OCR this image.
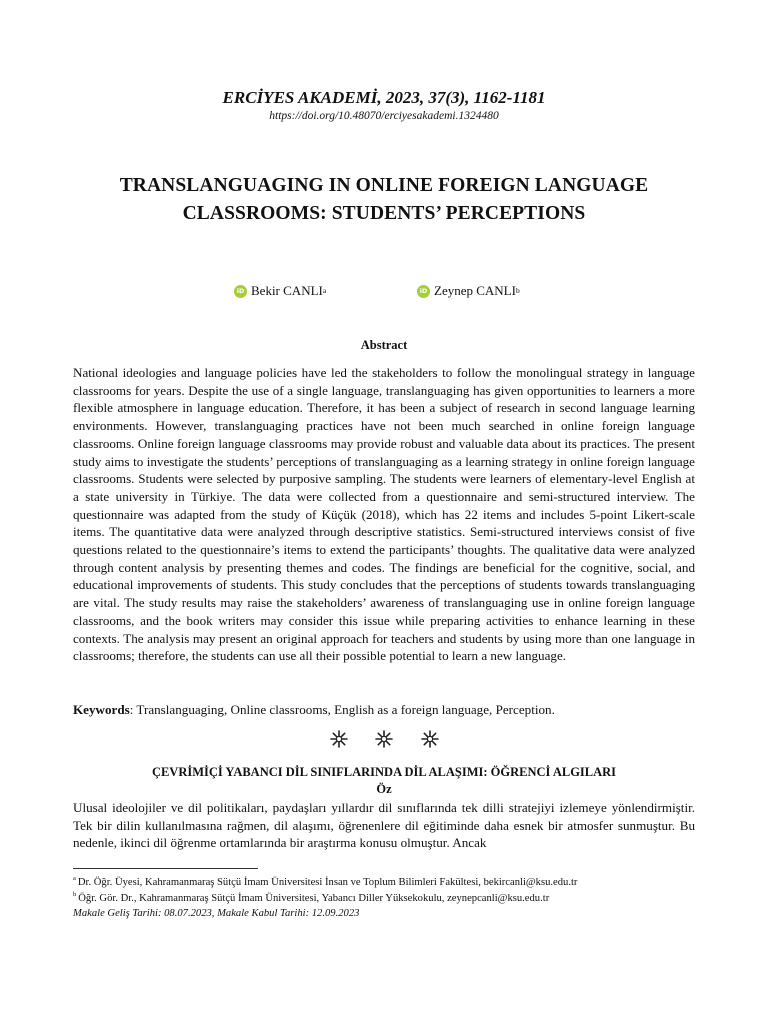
ERCİYES AKADEMİ, 2023, 37(3), 1162-1181
https://doi.org/10.48070/erciyesakademi.1324480
TRANSLANGUAGING IN ONLINE FOREIGN LANGUAGE
CLASSROOMS: STUDENTS’ PERCEPTIONS
iD Bekir CANLI a	iD Zeynep CANLI b
Abstract

National ideologies and language policies have led the stakeholders to follow the monolingual strategy in language classrooms for years. Despite the use of a single language, translanguaging has given opportunities to learners a more flexible atmosphere in language education. Therefore, it has been a subject of research in second language learning environments. However, translanguaging practices have not been much searched in online foreign language classrooms. Online foreign language classrooms may provide robust and valuable data about its practices. The present study aims to investigate the students’ perceptions of translanguaging as a learning strategy in online foreign language classrooms. Students were selected by purposive sampling. The students were learners of elementary-level English at a state university in Türkiye. The data were collected from a questionnaire and semi-structured interview. The questionnaire was adapted from the study of Küçük (2018), which has 22 items and includes 5-point Likert-scale items. The quantitative data were analyzed through descriptive statistics. Semi-structured interviews consist of five questions related to the questionnaire’s items to extend the participants’ thoughts. The qualitative data were analyzed through content analysis by presenting themes and codes. The findings are beneficial for the cognitive, social, and educational improvements of students. This study concludes that the perceptions of students towards translanguaging are vital. The study results may raise the stakeholders’ awareness of translanguaging use in online foreign language classrooms, and the book writers may consider this issue while preparing activities to enhance learning in these contexts. The analysis may present an original approach for teachers and students by using more than one language in classrooms; therefore, the students can use all their possible potential to learn a new language.

Keywords: Translanguaging, Online classrooms, English as a foreign language, Perception.
ÇEVRİMİÇİ YABANCI DİL SINIFLARINDA DİL ALAŞIMI: ÖĞRENCİ ALGILARI
Öz

Ulusal ideolojiler ve dil politikaları, paydaşları yıllardır dil sınıflarında tek dilli stratejiyi izlemeye yönlendirmiştir. Tek bir dilin kullanılmasına rağmen, dil alaşımı, öğrenenlere dil eğitiminde daha esnek bir atmosfer sunmuştur. Bu nedenle, ikinci dil öğrenme ortamlarında bir araştırma konusu olmuştur. Ancak

$^a$ Dr. Öğr. Üyesi, Kahramanmaraş Sütçü İmam Üniversitesi İnsan ve Toplum Bilimleri Fakültesi, bekircanli@ksu.edu.tr
$^b$ Öğr. Gör. Dr., Kahramanmaraş Sütçü İmam Üniversitesi, Yabancı Diller Yüksekokulu, zeynepcanli@ksu.edu.tr
Makale Geliş Tarihi: 08.07.2023, Makale Kabul Tarihi: 12.09.2023
